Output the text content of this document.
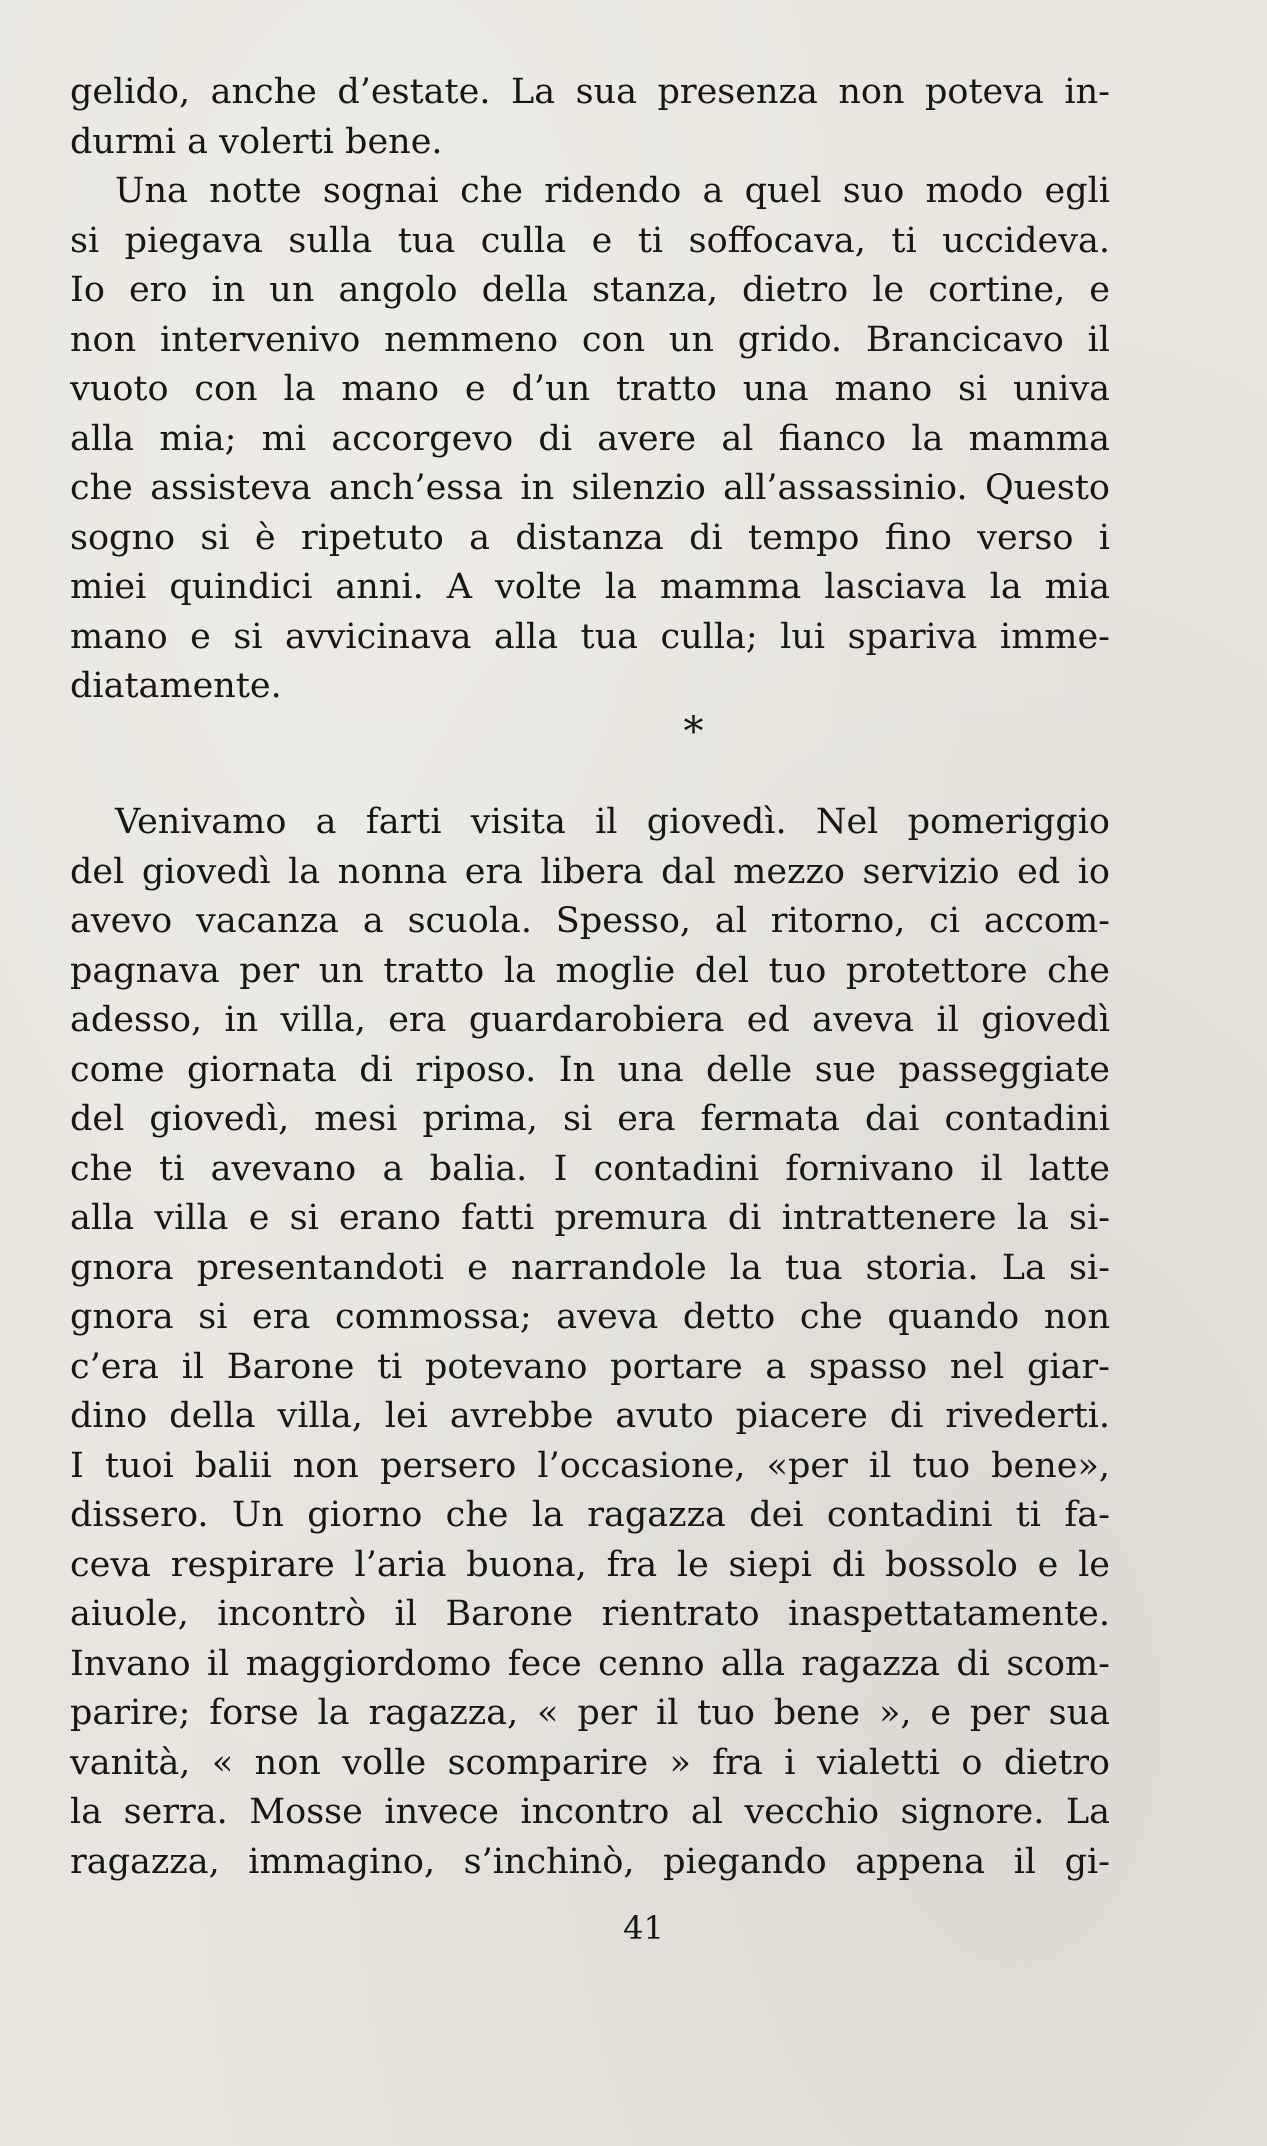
gelido, anche d’estate. La sua presenza non poteva in-
durmi a volerti bene.
Una notte sognai che ridendo a quel suo modo egli
si piegava sulla tua culla e ti soffocava, ti uccideva.
Io ero in un angolo della stanza, dietro le cortine, e
non intervenivo nemmeno con un grido. Brancicavo il
vuoto con la mano e d’un tratto una mano si univa
alla mia; mi accorgevo di avere al fianco la mamma
che assisteva anch’essa in silenzio all’assassinio. Questo
sogno si è ripetuto a distanza di tempo fino verso i
miei quindici anni. A volte la mamma lasciava la mia
mano e si avvicinava alla tua culla; lui spariva imme-
diatamente.
*
Venivamo a farti visita il giovedì. Nel pomeriggio
del giovedì la nonna era libera dal mezzo servizio ed io
avevo vacanza a scuola. Spesso, al ritorno, ci accom-
pagnava per un tratto la moglie del tuo protettore che
adesso, in villa, era guardarobiera ed aveva il giovedì
come giornata di riposo. In una delle sue passeggiate
del giovedì, mesi prima, si era fermata dai contadini
che ti avevano a balia. I contadini fornivano il latte
alla villa e si erano fatti premura di intrattenere la si-
gnora presentandoti e narrandole la tua storia. La si-
gnora si era commossa; aveva detto che quando non
c’era il Barone ti potevano portare a spasso nel giar-
dino della villa, lei avrebbe avuto piacere di rivederti.
I tuoi balii non persero l’occasione, «per il tuo bene»,
dissero. Un giorno che la ragazza dei contadini ti fa-
ceva respirare l’aria buona, fra le siepi di bossolo e le
aiuole, incontrò il Barone rientrato inaspettatamente.
Invano il maggiordomo fece cenno alla ragazza di scom-
parire; forse la ragazza, « per il tuo bene », e per sua
vanità, « non volle scomparire » fra i vialetti o dietro
la serra. Mosse invece incontro al vecchio signore. La
ragazza, immagino, s’inchinò, piegando appena il gi-
41
